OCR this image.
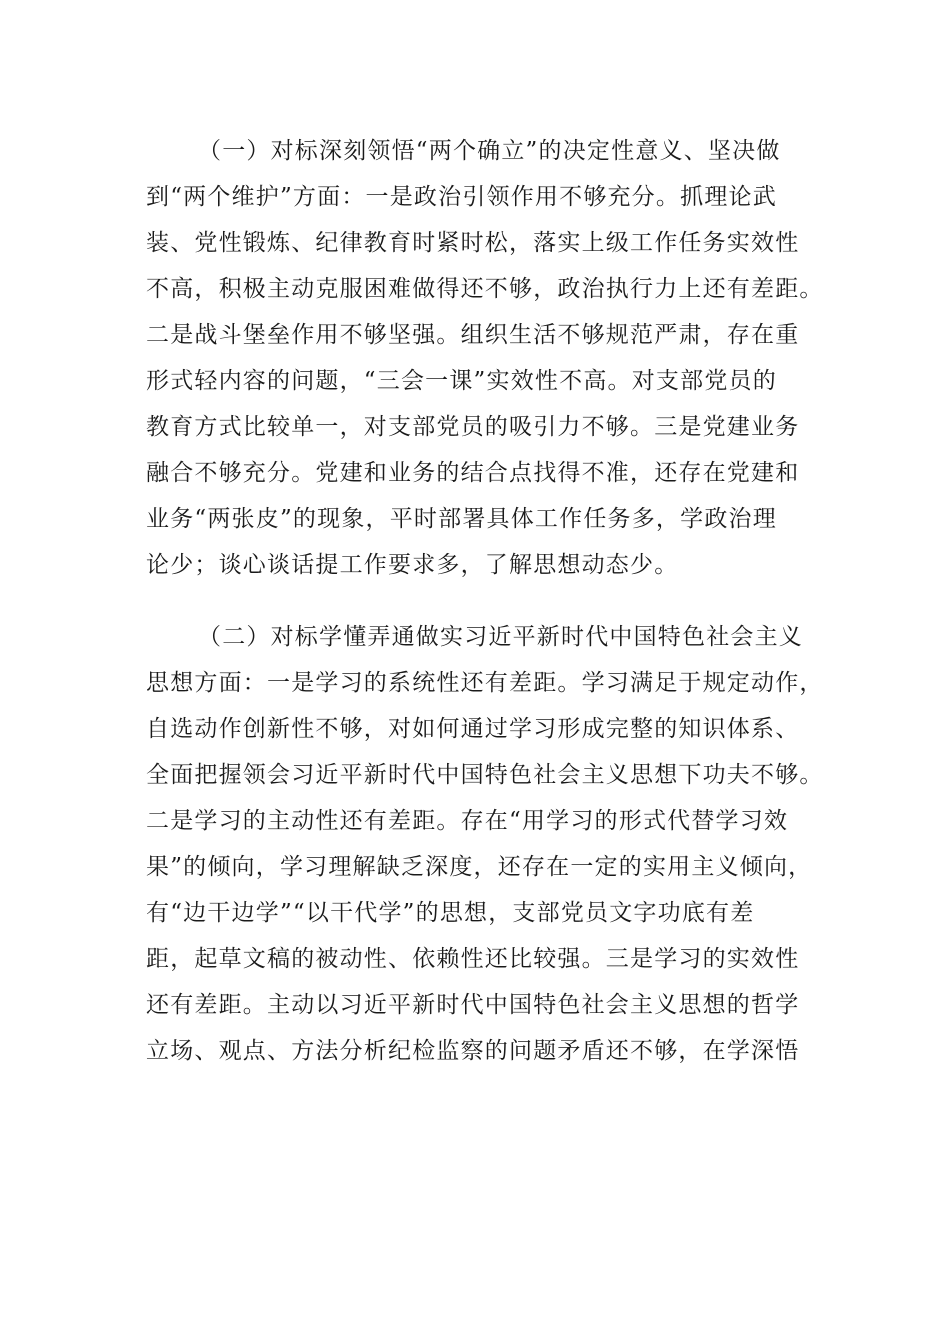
（一）对标深刻领悟“两个确立”的决定性意义、坚决做
到“两个维护”方面：一是政治引领作用不够充分。抓理论武
装、党性锻炼、纪律教育时紧时松，落实上级工作任务实效性
不高，积极主动克服困难做得还不够，政治执行力上还有差距。
二是战斗堡垒作用不够坚强。组织生活不够规范严肃，存在重
形式轻内容的问题，“三会一课”实效性不高。对支部党员的
教育方式比较单一，对支部党员的吸引力不够。三是党建业务
融合不够充分。党建和业务的结合点找得不准，还存在党建和
业务“两张皮”的现象，平时部署具体工作任务多，学政治理
论少；谈心谈话提工作要求多，了解思想动态少。
（二）对标学懂弄通做实习近平新时代中国特色社会主义
思想方面：一是学习的系统性还有差距。学习满足于规定动作，
自选动作创新性不够，对如何通过学习形成完整的知识体系、
全面把握领会习近平新时代中国特色社会主义思想下功夫不够。
二是学习的主动性还有差距。存在“用学习的形式代替学习效
果”的倾向，学习理解缺乏深度，还存在一定的实用主义倾向，
有“边干边学”“以干代学”的思想，支部党员文字功底有差
距，起草文稿的被动性、依赖性还比较强。三是学习的实效性
还有差距。主动以习近平新时代中国特色社会主义思想的哲学
立场、观点、方法分析纪检监察的问题矛盾还不够，在学深悟
